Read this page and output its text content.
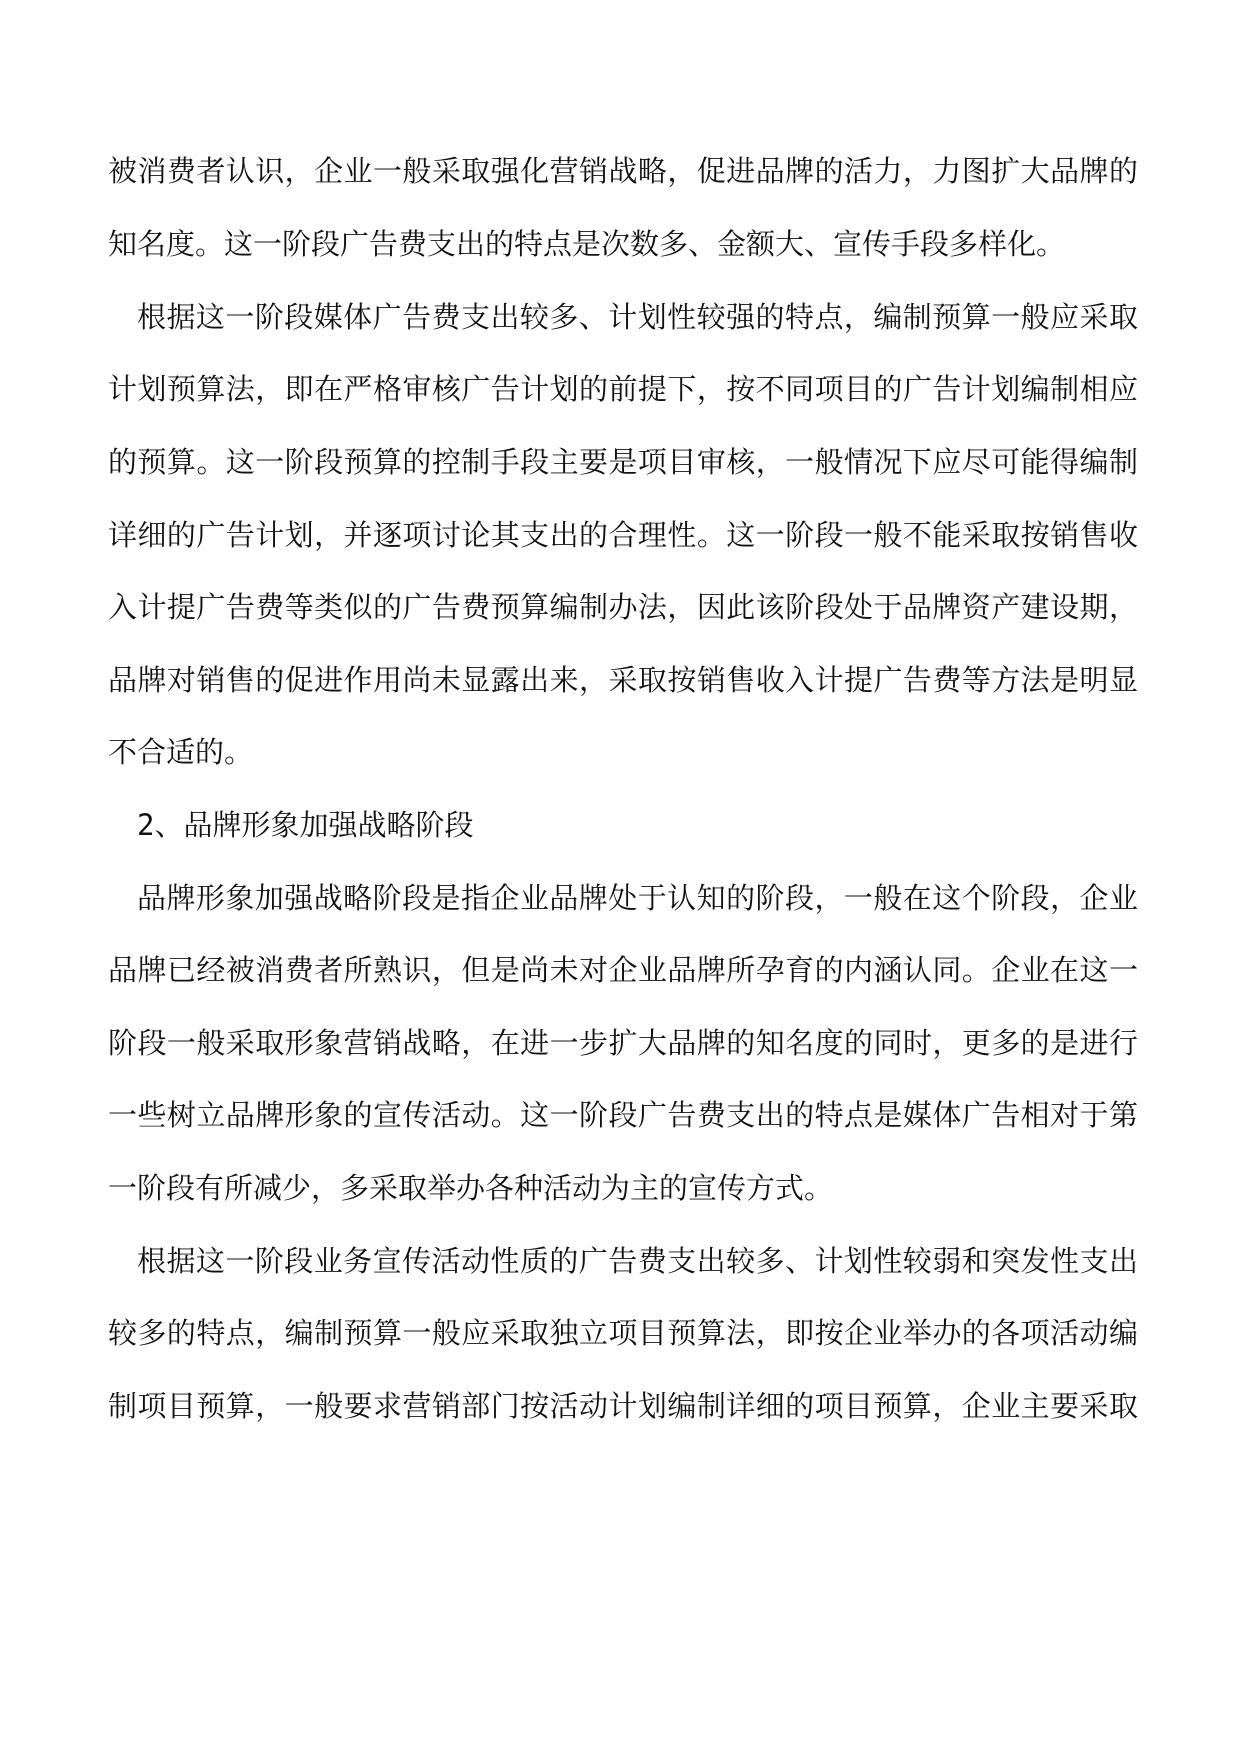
被消费者认识，企业一般采取强化营销战略，促进品牌的活力，力图扩大品牌的

知名度。这一阶段广告费支出的特点是次数多、金额大、宣传手段多样化。

根据这一阶段媒体广告费支出较多、计划性较强的特点，编制预算一般应采取

计划预算法，即在严格审核广告计划的前提下，按不同项目的广告计划编制相应

的预算。这一阶段预算的控制手段主要是项目审核，一般情况下应尽可能得编制

详细的广告计划，并逐项讨论其支出的合理性。这一阶段一般不能采取按销售收

入计提广告费等类似的广告费预算编制办法，因此该阶段处于品牌资产建设期，

品牌对销售的促进作用尚未显露出来，采取按销售收入计提广告费等方法是明显

不合适的。

2、品牌形象加强战略阶段

品牌形象加强战略阶段是指企业品牌处于认知的阶段，一般在这个阶段，企业

品牌已经被消费者所熟识，但是尚未对企业品牌所孕育的内涵认同。企业在这一

阶段一般采取形象营销战略，在进一步扩大品牌的知名度的同时，更多的是进行

一些树立品牌形象的宣传活动。这一阶段广告费支出的特点是媒体广告相对于第

一阶段有所减少，多采取举办各种活动为主的宣传方式。

根据这一阶段业务宣传活动性质的广告费支出较多、计划性较弱和突发性支出

较多的特点，编制预算一般应采取独立项目预算法，即按企业举办的各项活动编

制项目预算，一般要求营销部门按活动计划编制详细的项目预算，企业主要采取
